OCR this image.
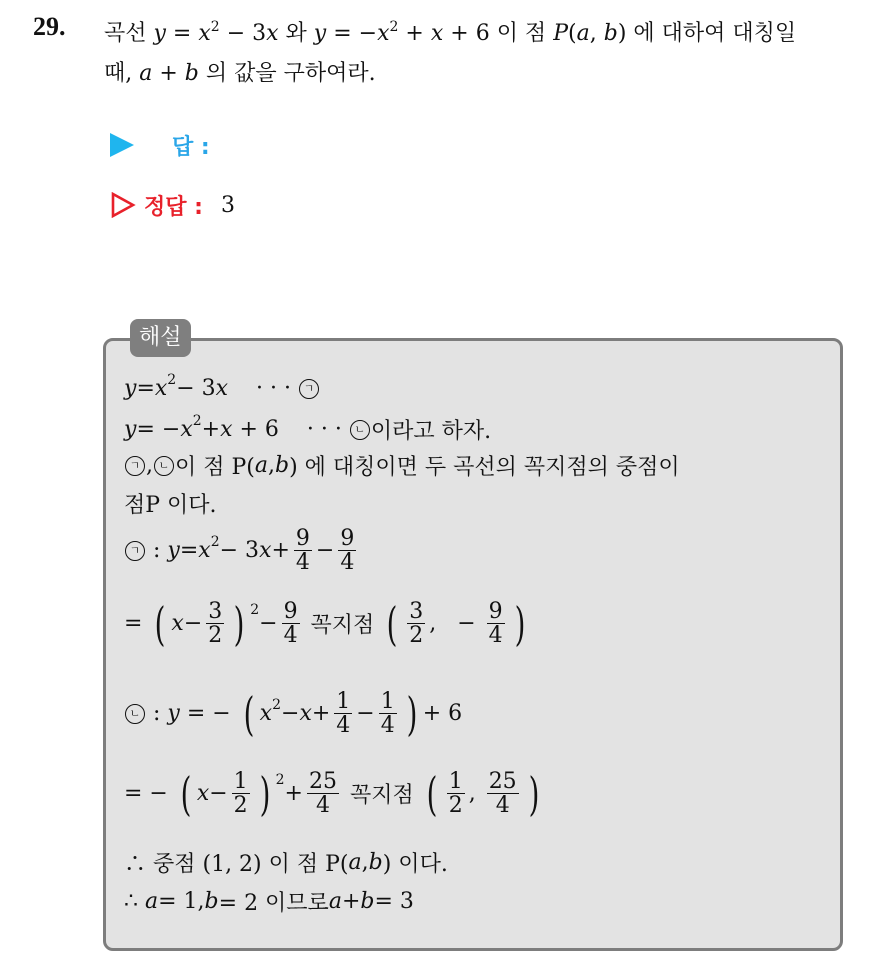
29. 곡선 $y = x^2 - 3x$ 와 $y = -x^2 + x + 6$ 이 점 P(a, b) 에 대하여 대칭일
때, a + b 의 값을 구하여라.
답 :
정답 : 3
해설
y = x 2 − 3 x · · · ㄱ
y = − x 2 + x + 6    · · · ㄴ 이라고 하자.
ㄱ , ㄴ 이 점 P( a , b ) 에 대칭이면 두 곡선의 꼭지점의 중점이
점P 이다.
ㄱ : y = x 2 − 3 $x + \frac{9}{4} - \frac{9}{4}$
= ( $x - \frac{3}{2}$ ) 2
− $\frac{9}{4}$ 꼭지점 ( $\frac{3}{2}$ ,   − $\frac{9}{4}$ )
ㄴ : y = − ( x $2 - x + \frac{1}{4} - \frac{1}{4}$ ) + 6
= − ( $x - \frac{1}{2}$ ) 2
+ $\frac{25}{4}$ 꼭지점 ( $\frac{1}{2}$ , $\frac{25}{4}$ )
∴ 중점 (1, 2) 이 점 P( a , b ) 이다.
∴ a = 1, b = 2 이므로 a + b = 3
